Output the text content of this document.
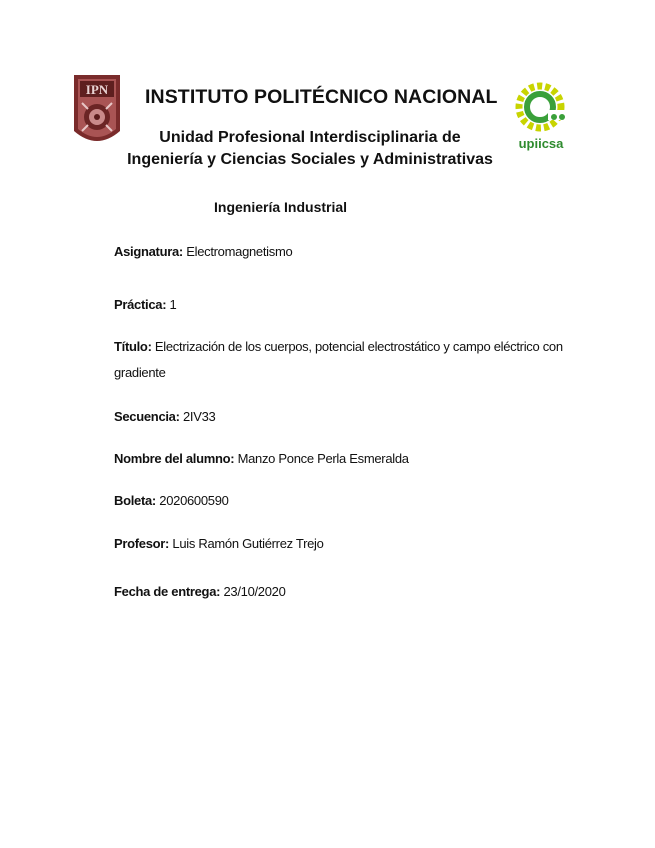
IPN INSTITUTO POLITÉCNICO NACIONAL
upiicsa
Unidad Profesional Interdisciplinaria de
Ingeniería y Ciencias Sociales y Administrativas
Ingeniería Industrial
Asignatura: Electromagnetismo
Práctica: 1
Título: Electrización de los cuerpos, potencial electrostático y campo eléctrico con gradiente
Secuencia: 2IV33
Nombre del alumno: Manzo Ponce Perla Esmeralda
Boleta: 2020600590
Profesor: Luis Ramón Gutiérrez Trejo
Fecha de entrega: 23/10/2020
